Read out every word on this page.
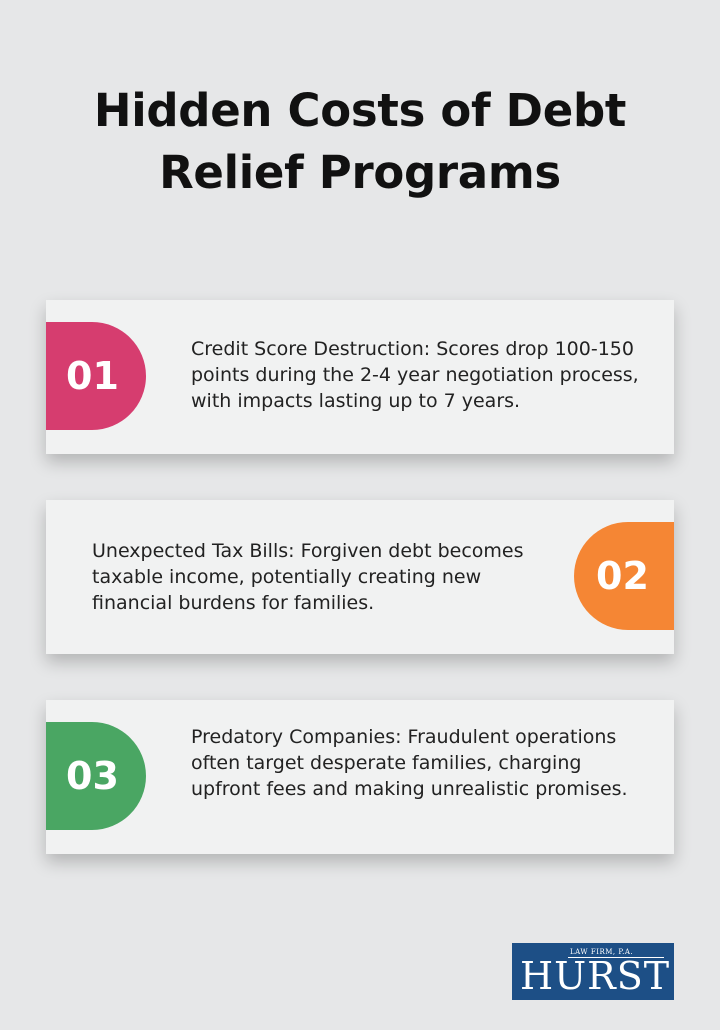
Hidden Costs of Debt Relief Programs
01
Credit Score Destruction: Scores drop 100-150 points during the 2-4 year negotiation process, with impacts lasting up to 7 years.
Unexpected Tax Bills: Forgiven debt becomes taxable income, potentially creating new financial burdens for families.
02
03
Predatory Companies: Fraudulent operations often target desperate families, charging upfront fees and making unrealistic promises.
LAW FIRM, P.A.
HURST
